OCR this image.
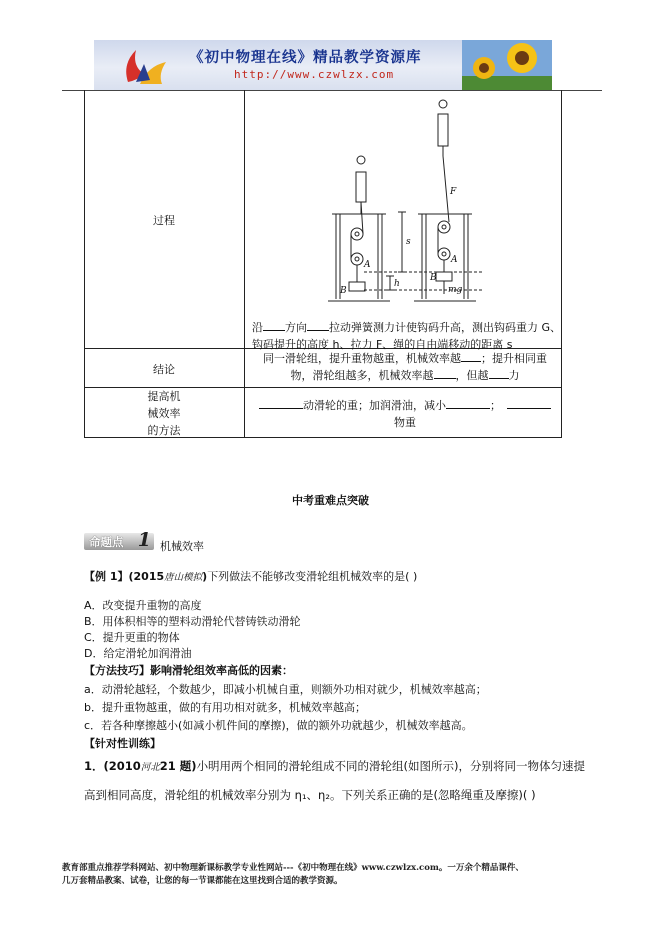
《初中物理在线》精品教学资源库
http://www.czwlzx.com
过程
F
A
B
s
h
mg
A
B
沿 方向 拉动弹簧测力计使钩码升高，测出钩码重力 G、
钩码提升的高度 h、拉力 F、绳的自由端移动的距离 s
结论
同一滑轮组，提升重物越重，机械效率越 ；提升相同重
物，滑轮组越多，机械效率越 ，但越 力
提高机
械效率
的方法
动滑轮的重；加润滑油，减小	；
物重
中考重难点突破
命题点 1 机械效率
【例 1】(2015唐山模拟)下列做法不能够改变滑轮组机械效率的是( )
A．改变提升重物的高度
B．用体积相等的塑料动滑轮代替铸铁动滑轮
C．提升更重的物体
D．给定滑轮加润滑油
【方法技巧】影响滑轮组效率高低的因素：
a．动滑轮越轻，个数越少，即减小机械自重，则额外功相对就少，机械效率越高；
b．提升重物越重，做的有用功相对就多，机械效率越高；
c．若各种摩擦越小(如减小机件间的摩擦)，做的额外功就越少，机械效率越高。
【针对性训练】
1．(2010河北21 题)小明用两个相同的滑轮组成不同的滑轮组(如图所示)，分别将同一物体匀速提
高到相同高度，滑轮组的机械效率分别为 η₁、η₂。下列关系正确的是(忽略绳重及摩擦)( )
教育部重点推荐学科网站、初中物理新课标教学专业性网站---《初中物理在线》www.czwlzx.com。一万余个精品课件、
几万套精品教案、试卷，让您的每一节课都能在这里找到合适的教学资源。
